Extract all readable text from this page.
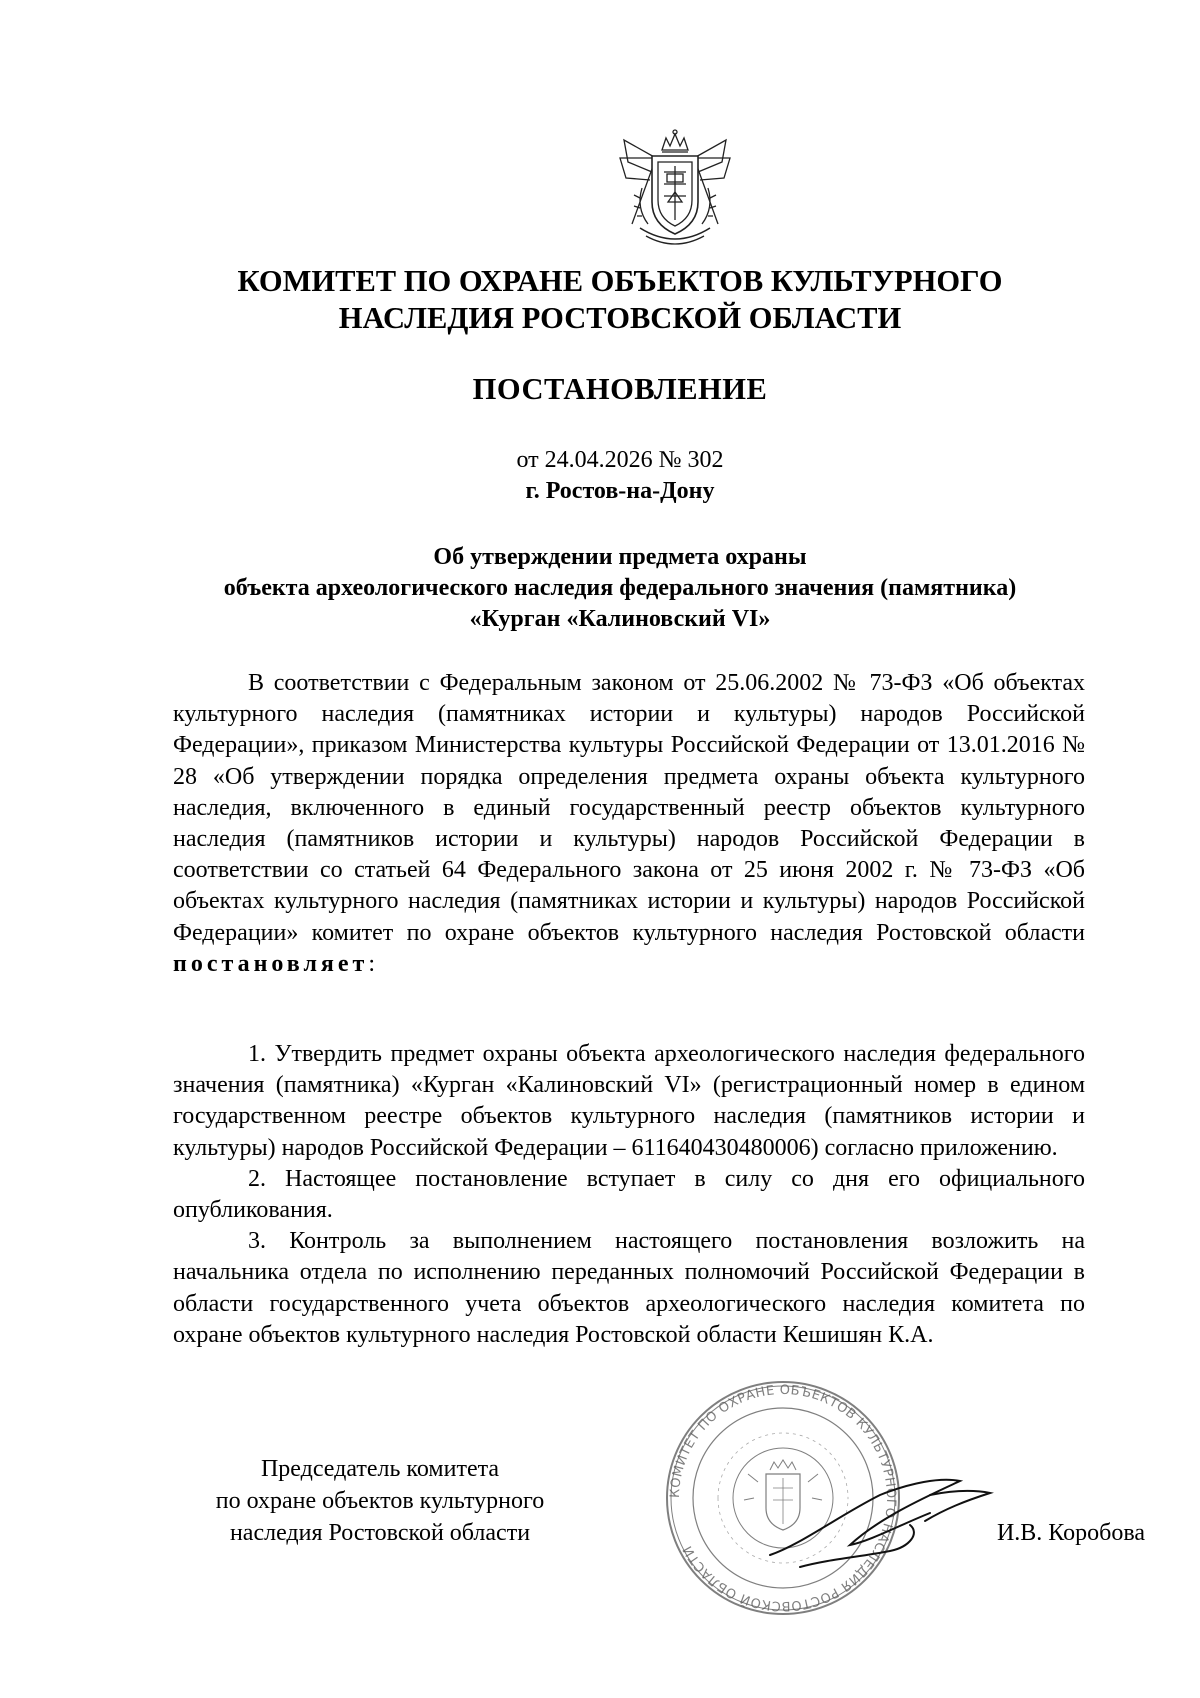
КОМИТЕТ ПО ОХРАНЕ ОБЪЕКТОВ КУЛЬТУРНОГО
НАСЛЕДИЯ РОСТОВСКОЙ ОБЛАСТИ
ПОСТАНОВЛЕНИЕ
от 24.04.2026 № 302
г. Ростов-на-Дону
Об утверждении предмета охраны
объекта археологического наследия федерального значения (памятника)
«Курган «Калиновский VI»

В соответствии с Федеральным законом от 25.06.2002 № 73-ФЗ «Об объектах культурного наследия (памятниках истории и культуры) народов Российской Федерации», приказом Министерства культуры Российской Федерации от 13.01.2016 № 28 «Об утверждении порядка определения предмета охраны объекта культурного наследия, включенного в единый государственный реестр объектов культурного наследия (памятников истории и культуры) народов Российской Федерации в соответствии со статьей 64 Федерального закона от 25 июня 2002 г. № 73-ФЗ «Об объектах культурного наследия (памятниках истории и культуры) народов Российской Федерации» комитет по охране объектов культурного наследия Ростовской области постановляет:

1. Утвердить предмет охраны объекта археологического наследия федерального значения (памятника) «Курган «Калиновский VI» (регистрационный номер в едином государственном реестре объектов культурного наследия (памятников истории и культуры) народов Российской Федерации – 611640430480006) согласно приложению.

2. Настоящее постановление вступает в силу со дня его официального опубликования.

3. Контроль за выполнением настоящего постановления возложить на начальника отдела по исполнению переданных полномочий Российской Федерации в области государственного учета объектов археологического наследия комитета по охране объектов культурного наследия Ростовской области Кешишян К.А.

Председатель комитета
по охране объектов культурного
наследия Ростовской области
КОМИТЕТ ПО ОХРАНЕ ОБЪЕКТОВ КУЛЬТУРНОГО НАСЛЕДИЯ РОСТОВСКОЙ ОБЛАСТИ
И.В. Коробова
